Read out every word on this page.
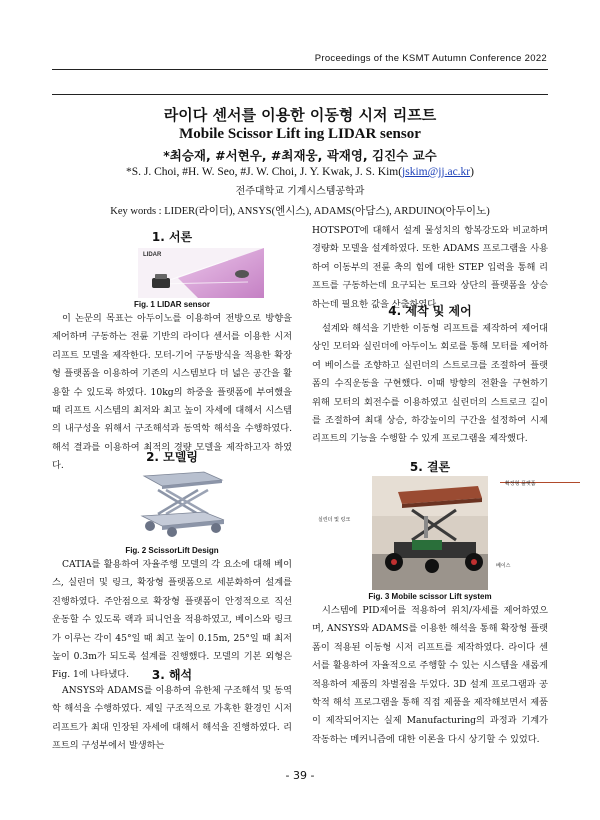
Proceedings of the KSMT Autumn Conference 2022
라이다 센서를 이용한 이동형 시저 리프트
Mobile Scissor Lift ing LIDAR sensor
*최승재, #서현우, #최재웅, 곽재영, 김진수 교수
*S. J. Choi, #H. W. Seo, #J. W. Choi, J. Y. Kwak, J. S. Kim(jskim@jj.ac.kr)
전주대학교 기계시스템공학과
Key words : LIDER(라이더), ANSYS(엔시스), ADAMS(아담스), ARDUINO(아두이노)
1. 서론
LIDAR
Fig. 1 LIDAR sensor

이 논문의 목표는 아두이노를 이용하여 전방으로 방향을 제어하며 구동하는 전륜 기반의 라이다 센서를 이용한 시저 리프트 모델을 제작한다. 모터-기어 구동방식을 적용한 확장형 플랫폼을 이용하여 기존의 시스템보다 더 넓은 공간을 활용할 수 있도록 하였다. 10kg의 하중을 플랫폼에 부여했을 때 리프트 시스템의 최저와 최고 높이 자세에 대해서 시스템의 내구성을 위해서 구조해석과 동역학 해석을 수행하였다. 해석 결과를 이용하여 최적의 경량 모델을 제작하고자 하였다.

2. 모델링
Fig. 2 ScissorLift Design

CATIA를 활용하여 자율주행 모델의 각 요소에 대해 베이스, 실린더 및 링크, 확장형 플랫폼으로 세분화하여 설계를 진행하였다. 주안점으로 확장형 플랫폼이 안정적으로 직선 운동할 수 있도록 랙과 피니언을 적용하였고, 베이스와 링크가 이루는 각이 45°일 때 최고 높이 0.15m, 25°일 때 최저 높이 0.3m가 되도록 설계를 진행했다. 모델의 기본 외형은 Fig. 1에 나타냈다.	3. 해석

ANSYS와 ADAMS를 이용하여 유한체 구조해석 및 동역학 해석을 수행하였다. 제일 구조적으로 가혹한 환경인 시저 리프트가 최대 인장된 자세에 대해서 해석을 진행하였다. 리프트의 구성부에서 발생하는

HOTSPOT에 대해서 설계 물성치의 항복강도와 비교하며 경량화 모델을 설계하였다. 또한 ADAMS 프로그램을 사용하여 이동부의 전륜 축의 힘에 대한 STEP 입력을 통해 리프트를 구동하는데 요구되는 토크와 상단의 플랫폼을 상승하는데 필요한 값을 산출하였다.

4. 제작 및 제어

설계와 해석을 기반한 이동형 리프트를 제작하여 제어대상인 모터와 실린더에 아두이노 회로를 통해 모터를 제어하여 베이스를 조향하고 실린더의 스트로크를 조절하여 플랫폼의 수직운동을 구현했다. 이때 방향의 전환을 구현하기 위해 모터의 회전수를 이용하였고 실린더의 스트로크 길이를 조절하여 최대 상승, 하강높이의 구간을 설정하여 시제 리프트의 기능을 수행할 수 있게 프로그램을 제작했다.

5. 결론
확장형 플랫폼
실린더 및 링크
베이스
Fig. 3 Mobile scissor Lift system

시스템에 PID제어를 적용하여 위치/자세를 제어하였으며, ANSYS와 ADAMS를 이용한 해석을 통해 확장형 플랫폼이 적용된 이동형 시저 리프트를 제작하였다. 라이다 센서를 활용하여 자율적으로 주행할 수 있는 시스템을 새롭게 적용하여 제품의 차별점을 두었다. 3D 설계 프로그램과 공학적 해석 프로그램을 통해 직접 제품을 제작해보면서 제품이 제작되어지는 실제 Manufacturing의 과정과 기계가 작동하는 메커니즘에 대한 이론을 다시 상기할 수 있었다.

- 39 -
